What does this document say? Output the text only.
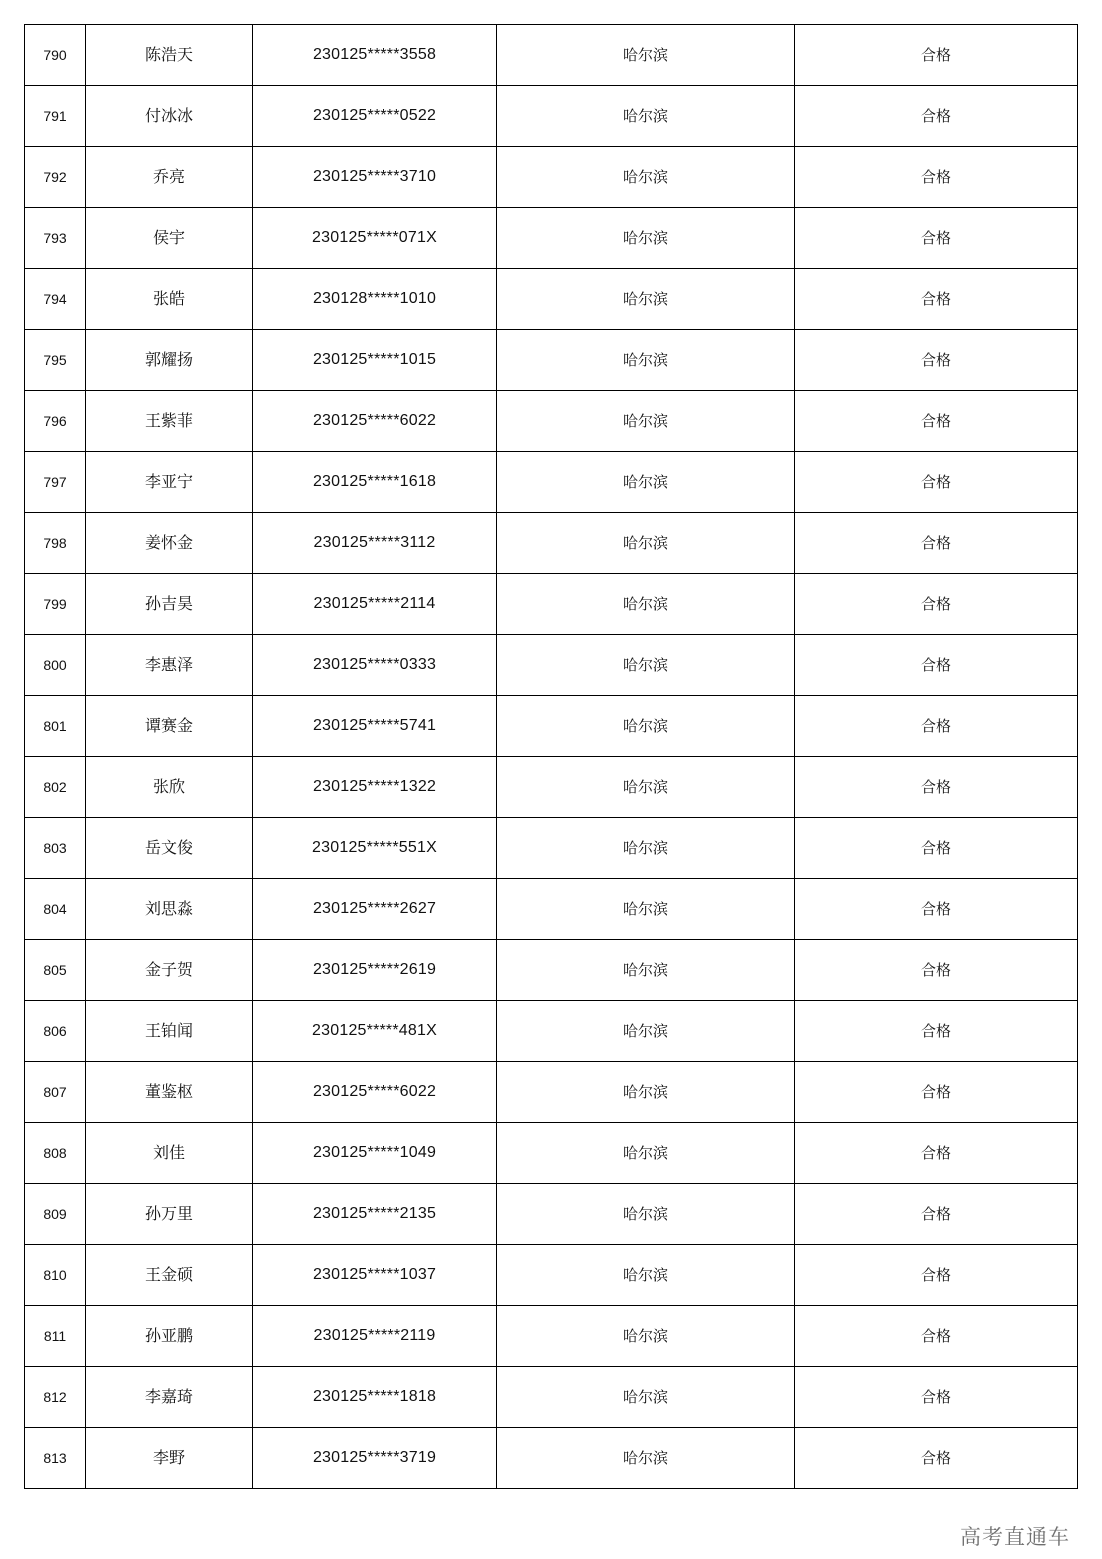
790	陈浩天	230125*****3558	哈尔滨	合格
791	付冰冰	230125*****0522	哈尔滨	合格
792	乔亮	230125*****3710	哈尔滨	合格
793	侯宇	230125*****071X	哈尔滨	合格
794	张皓	230128*****1010	哈尔滨	合格
795	郭耀扬	230125*****1015	哈尔滨	合格
796	王紫菲	230125*****6022	哈尔滨	合格
797	李亚宁	230125*****1618	哈尔滨	合格
798	姜怀金	230125*****3112	哈尔滨	合格
799	孙吉昊	230125*****2114	哈尔滨	合格
800	李惠泽	230125*****0333	哈尔滨	合格
801	谭赛金	230125*****5741	哈尔滨	合格
802	张欣	230125*****1322	哈尔滨	合格
803	岳文俊	230125*****551X	哈尔滨	合格
804	刘思淼	230125*****2627	哈尔滨	合格
805	金子贺	230125*****2619	哈尔滨	合格
806	王铂闻	230125*****481X	哈尔滨	合格
807	董鉴枢	230125*****6022	哈尔滨	合格
808	刘佳	230125*****1049	哈尔滨	合格
809	孙万里	230125*****2135	哈尔滨	合格
810	王金硕	230125*****1037	哈尔滨	合格
811	孙亚鹏	230125*****2119	哈尔滨	合格
812	李嘉琦	230125*****1818	哈尔滨	合格
813	李野	230125*****3719	哈尔滨	合格
高考直通车
